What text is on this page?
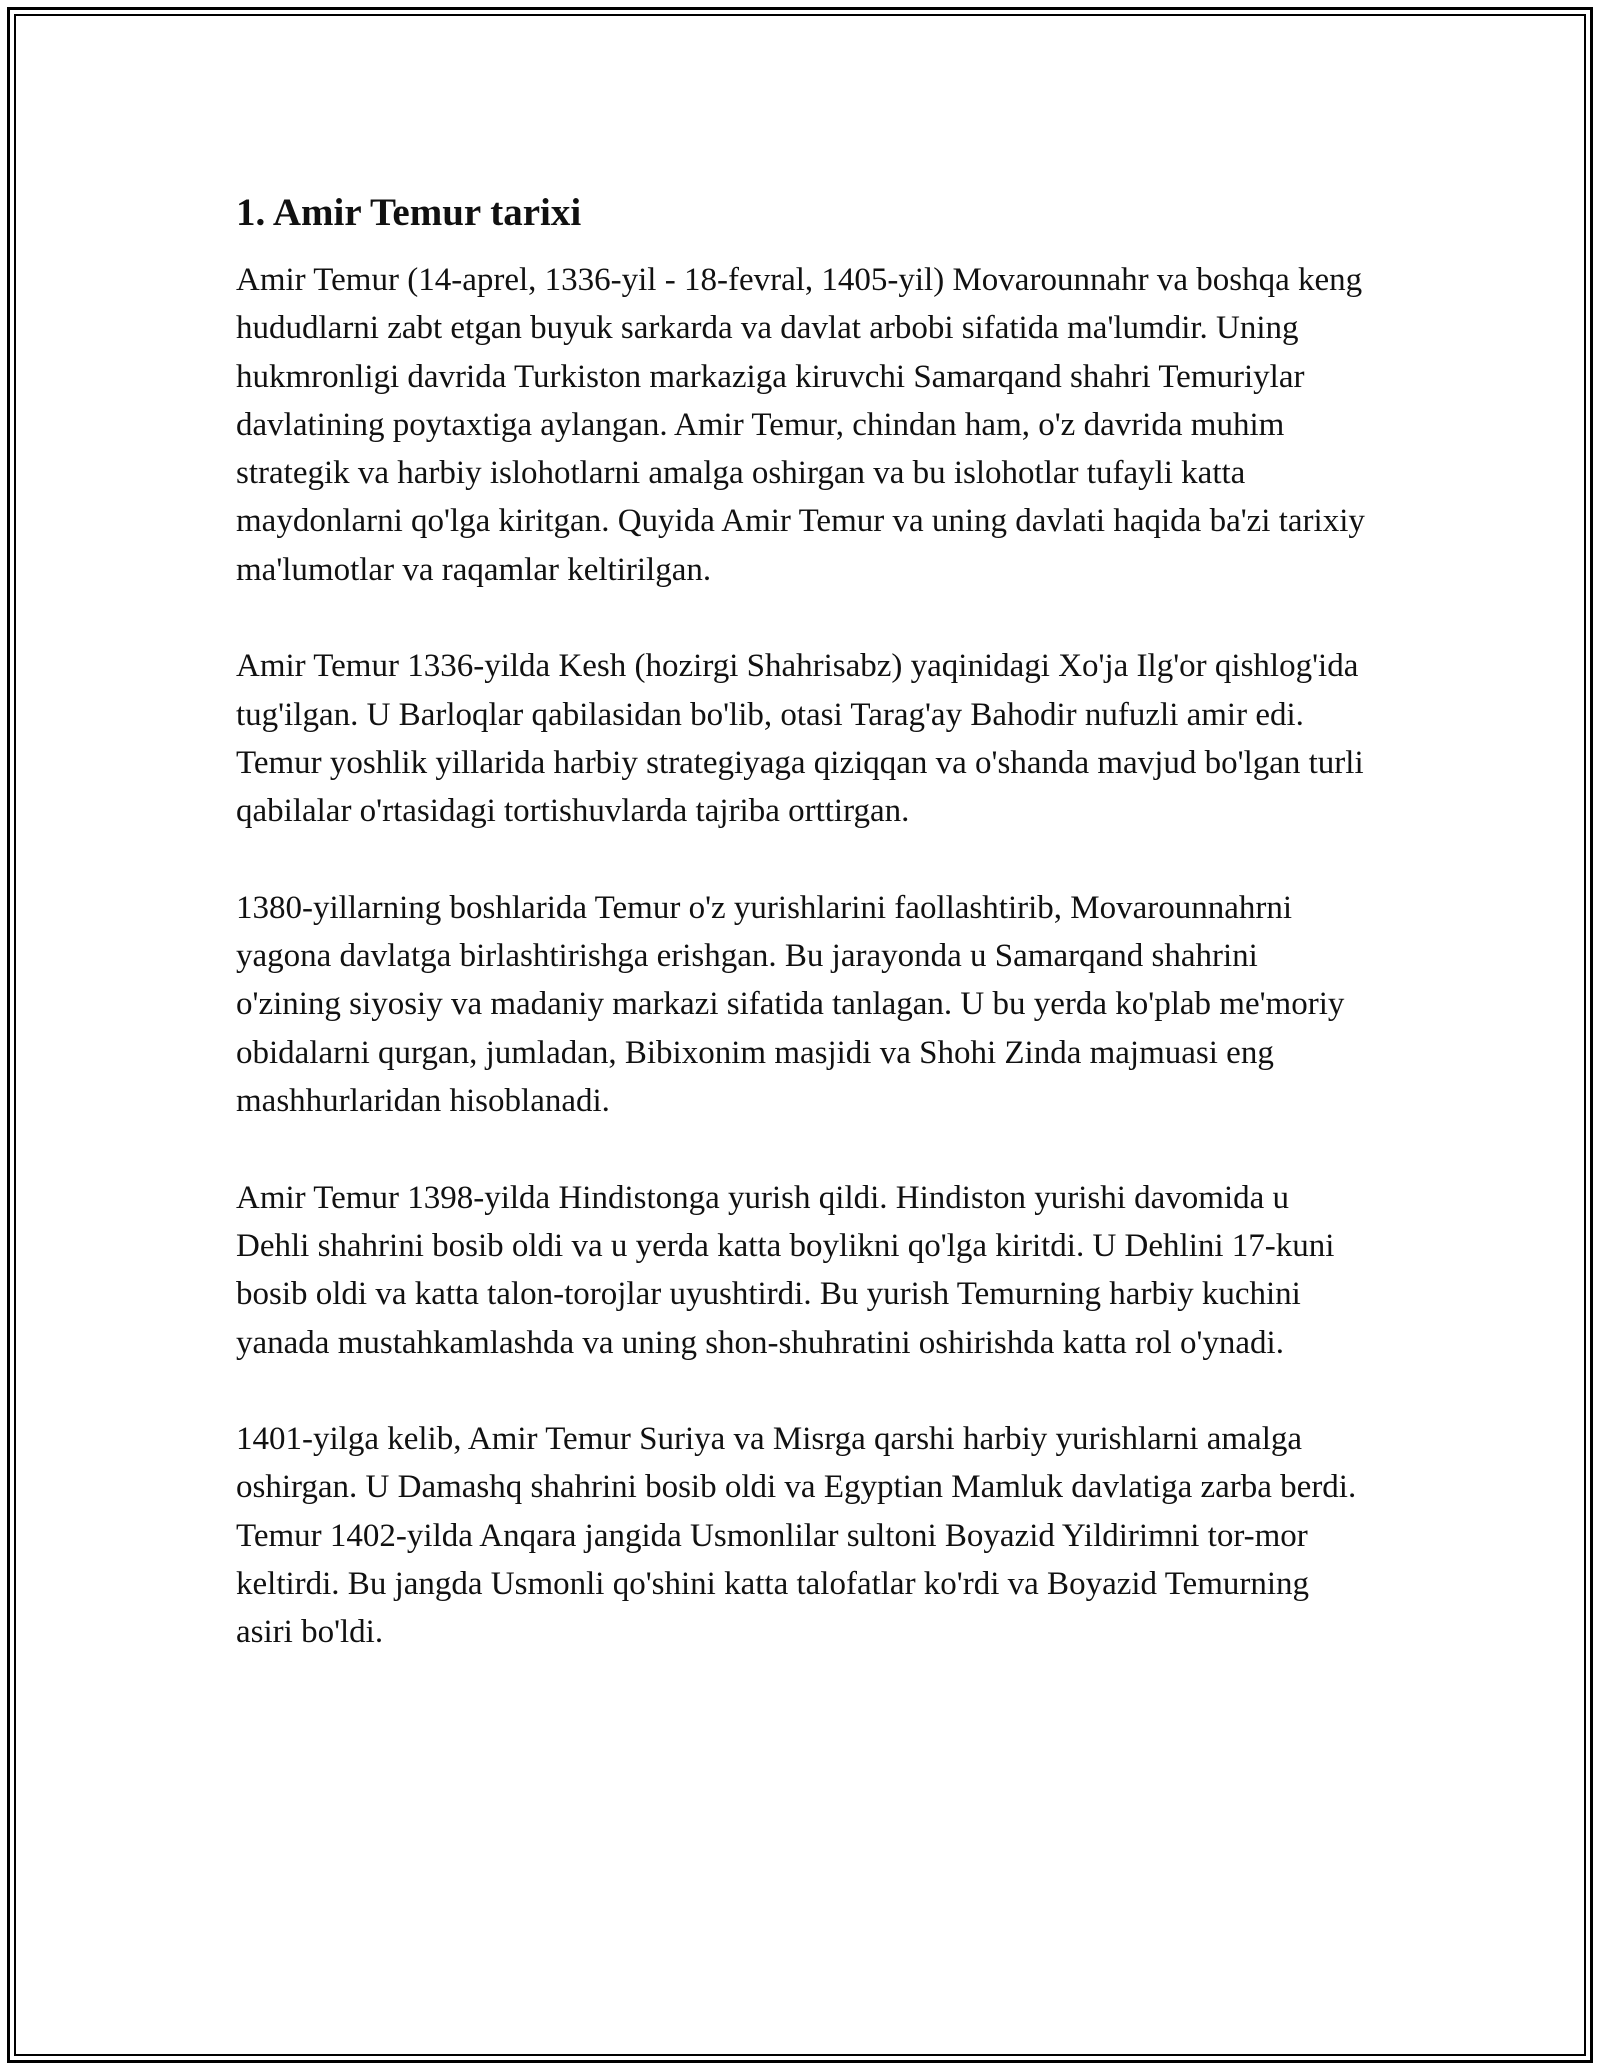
1. Amir Temur tarixi

Amir Temur (14-aprel, 1336-yil - 18-fevral, 1405-yil) Movarounnahr va boshqa keng hududlarni zabt etgan buyuk sarkarda va davlat arbobi sifatida ma'lumdir. Uning hukmronligi davrida Turkiston markaziga kiruvchi Samarqand shahri Temuriylar davlatining poytaxtiga aylangan. Amir Temur, chindan ham, o'z davrida muhim strategik va harbiy islohotlarni amalga oshirgan va bu islohotlar tufayli katta maydonlarni qo'lga kiritgan. Quyida Amir Temur va uning davlati haqida ba'zi tarixiy ma'lumotlar va raqamlar keltirilgan.

Amir Temur 1336-yilda Kesh (hozirgi Shahrisabz) yaqinidagi Xo'ja Ilg'or qishlog'ida tug'ilgan. U Barloqlar qabilasidan bo'lib, otasi Tarag'ay Bahodir nufuzli amir edi. Temur yoshlik yillarida harbiy strategiyaga qiziqqan va o'shanda mavjud bo'lgan turli qabilalar o'rtasidagi tortishuvlarda tajriba orttirgan.

1380-yillarning boshlarida Temur o'z yurishlarini faollashtirib, Movarounnahrni yagona davlatga birlashtirishga erishgan. Bu jarayonda u Samarqand shahrini o'zining siyosiy va madaniy markazi sifatida tanlagan. U bu yerda ko'plab me'moriy obidalarni qurgan, jumladan, Bibixonim masjidi va Shohi Zinda majmuasi eng mashhurlaridan hisoblanadi.

Amir Temur 1398-yilda Hindistonga yurish qildi. Hindiston yurishi davomida u Dehli shahrini bosib oldi va u yerda katta boylikni qo'lga kiritdi. U Dehlini 17-kuni bosib oldi va katta talon-torojlar uyushtirdi. Bu yurish Temurning harbiy kuchini yanada mustahkamlashda va uning shon-shuhratini oshirishda katta rol o'ynadi.

1401-yilga kelib, Amir Temur Suriya va Misrga qarshi harbiy yurishlarni amalga oshirgan. U Damashq shahrini bosib oldi va Egyptian Mamluk davlatiga zarba berdi. Temur 1402-yilda Anqara jangida Usmonlilar sultoni Boyazid Yildirimni tor-mor keltirdi. Bu jangda Usmonli qo'shini katta talofatlar ko'rdi va Boyazid Temurning asiri bo'ldi.
